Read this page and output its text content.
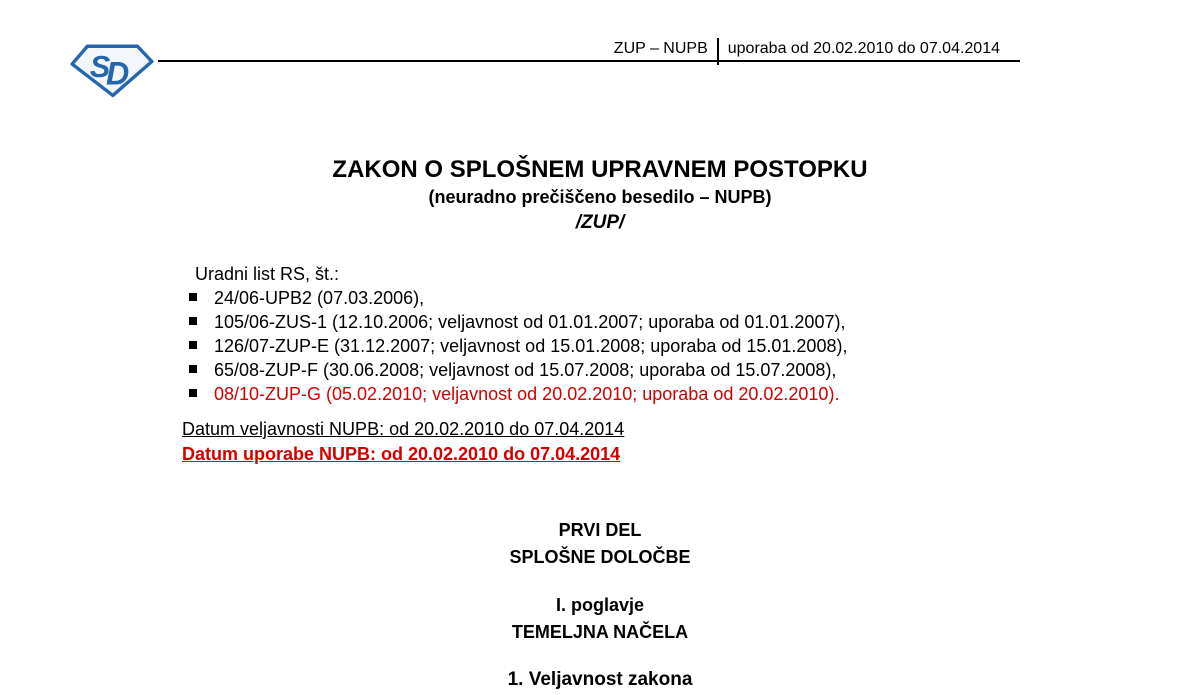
S
D
ZUP – NUPB uporaba od 20.02.2010 do 07.04.2014
ZAKON O SPLOŠNEM UPRAVNEM POSTOPKU
(neuradno prečiščeno besedilo – NUPB)
/ZUP/
Uradni list RS, št.:
24/06-UPB2 (07.03.2006),
105/06-ZUS-1 (12.10.2006; veljavnost od 01.01.2007; uporaba od 01.01.2007),
126/07-ZUP-E (31.12.2007; veljavnost od 15.01.2008; uporaba od 15.01.2008),
65/08-ZUP-F (30.06.2008; veljavnost od 15.07.2008; uporaba od 15.07.2008),
08/10-ZUP-G (05.02.2010; veljavnost od 20.02.2010; uporaba od 20.02.2010).
Datum veljavnosti NUPB: od 20.02.2010 do 07.04.2014
Datum uporabe NUPB: od 20.02.2010 do 07.04.2014
PRVI DEL
SPLOŠNE DOLOČBE
I. poglavje
TEMELJNA NAČELA
1. Veljavnost zakona
